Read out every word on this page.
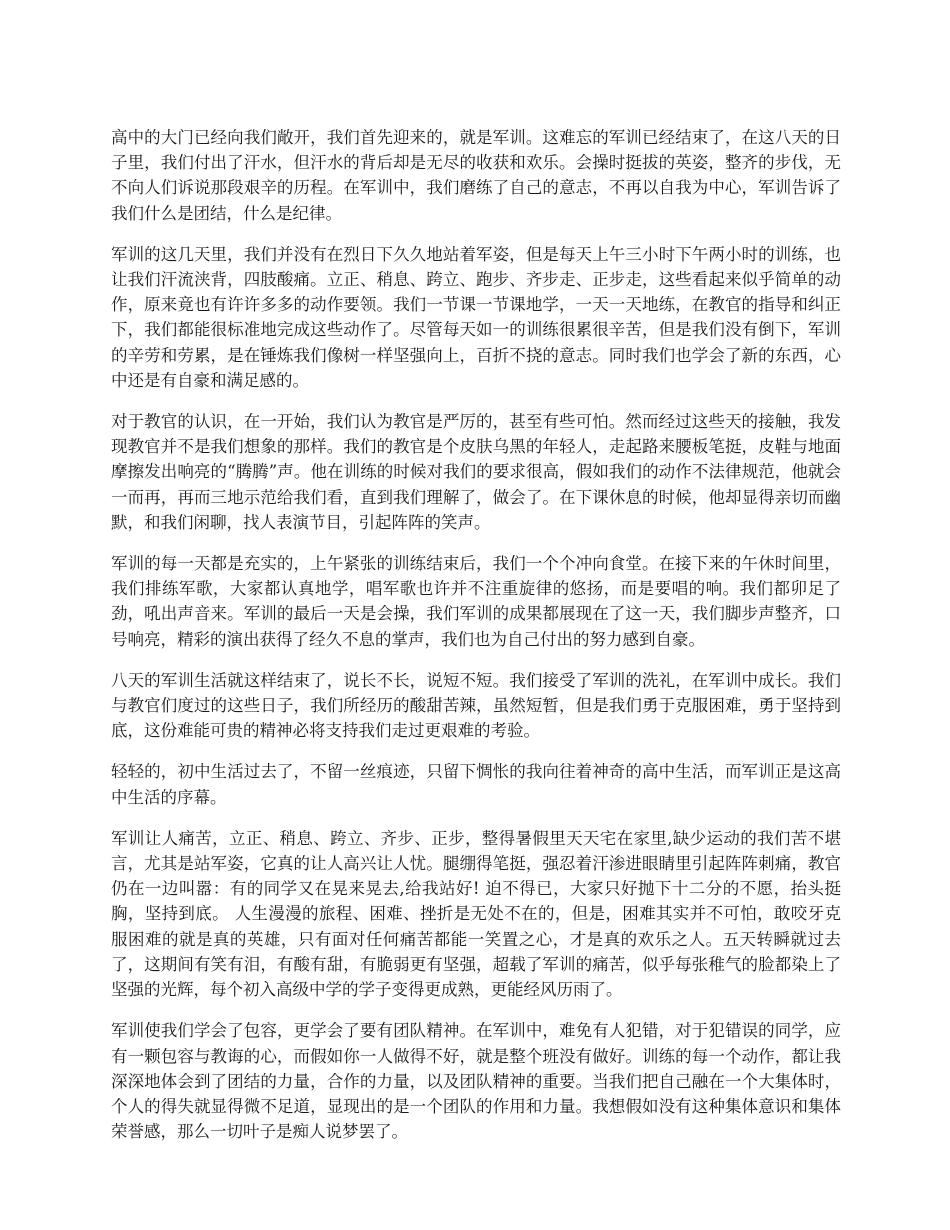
高中的大门已经向我们敞开，我们首先迎来的，就是军训。这难忘的军训已经结束了，在这八天的日子里，我们付出了汗水，但汗水的背后却是无尽的收获和欢乐。会操时挺拔的英姿，整齐的步伐，无不向人们诉说那段艰辛的历程。在军训中，我们磨练了自己的意志，不再以自我为中心，军训告诉了我们什么是团结，什么是纪律。

军训的这几天里，我们并没有在烈日下久久地站着军姿，但是每天上午三小时下午两小时的训练，也让我们汗流浃背，四肢酸痛。立正、稍息、跨立、跑步、齐步走、正步走，这些看起来似乎简单的动作，原来竟也有许许多多的动作要领。我们一节课一节课地学，一天一天地练，在教官的指导和纠正下，我们都能很标准地完成这些动作了。尽管每天如一的训练很累很辛苦，但是我们没有倒下，军训的辛劳和劳累，是在锤炼我们像树一样坚强向上，百折不挠的意志。同时我们也学会了新的东西，心中还是有自豪和满足感的。

对于教官的认识，在一开始，我们认为教官是严厉的，甚至有些可怕。然而经过这些天的接触，我发现教官并不是我们想象的那样。我们的教官是个皮肤乌黑的年轻人，走起路来腰板笔挺，皮鞋与地面摩擦发出响亮的“腾腾”声。他在训练的时候对我们的要求很高，假如我们的动作不法律规范，他就会一而再，再而三地示范给我们看，直到我们理解了，做会了。在下课休息的时候，他却显得亲切而幽默，和我们闲聊，找人表演节目，引起阵阵的笑声。

军训的每一天都是充实的，上午紧张的训练结束后，我们一个个冲向食堂。在接下来的午休时间里，我们排练军歌，大家都认真地学，唱军歌也许并不注重旋律的悠扬，而是要唱的响。我们都卯足了劲，吼出声音来。军训的最后一天是会操，我们军训的成果都展现在了这一天，我们脚步声整齐，口号响亮，精彩的演出获得了经久不息的掌声，我们也为自己付出的努力感到自豪。

八天的军训生活就这样结束了，说长不长，说短不短。我们接受了军训的洗礼，在军训中成长。我们与教官们度过的这些日子，我们所经历的酸甜苦辣，虽然短暂，但是我们勇于克服困难，勇于坚持到底，这份难能可贵的精神必将支持我们走过更艰难的考验。

轻轻的，初中生活过去了，不留一丝痕迹，只留下惆怅的我向往着神奇的高中生活，而军训正是这高中生活的序幕。

军训让人痛苦，立正、稍息、跨立、齐步、正步，整得暑假里天天宅在家里,缺少运动的我们苦不堪言，尤其是站军姿，它真的让人高兴让人忧。腿绷得笔挺，强忍着汗渗进眼睛里引起阵阵刺痛，教官仍在一边叫嚣：有的同学又在晃来晃去,给我站好! 迫不得已，大家只好抛下十二分的不愿，抬头挺胸，坚持到底。 人生漫漫的旅程、困难、挫折是无处不在的，但是，困难其实并不可怕，敢咬牙克服困难的就是真的英雄，只有面对任何痛苦都能一笑置之心，才是真的欢乐之人。五天转瞬就过去了，这期间有笑有泪，有酸有甜，有脆弱更有坚强，超载了军训的痛苦，似乎每张稚气的脸都染上了坚强的光辉，每个初入高级中学的学子变得更成熟，更能经风历雨了。

军训使我们学会了包容，更学会了要有团队精神。在军训中，难免有人犯错，对于犯错误的同学，应有一颗包容与教诲的心，而假如你一人做得不好，就是整个班没有做好。训练的每一个动作，都让我深深地体会到了团结的力量，合作的力量，以及团队精神的重要。当我们把自己融在一个大集体时，个人的得失就显得微不足道，显现出的是一个团队的作用和力量。我想假如没有这种集体意识和集体荣誉感，那么一切叶子是痴人说梦罢了。
